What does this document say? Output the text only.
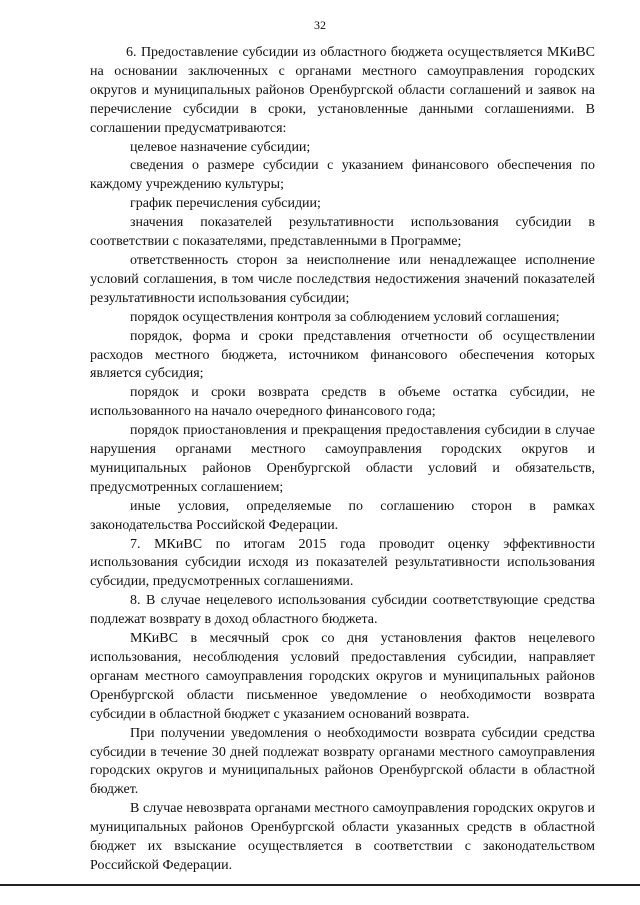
32

6. Предоставление субсидии из областного бюджета осуществляется МКиВС на основании заключенных с органами местного самоуправления городских округов и муниципальных районов Оренбургской области соглашений и заявок на перечисление субсидии в сроки, установленные данными соглашениями. В соглашении предусматриваются:

целевое назначение субсидии;

сведения о размере субсидии с указанием финансового обеспечения по каждому учреждению культуры;

график перечисления субсидии;

значения показателей результативности использования субсидии в соответствии с показателями, представленными в Программе;

ответственность сторон за неисполнение или ненадлежащее исполнение условий соглашения, в том числе последствия недостижения значений показателей результативности использования субсидии;

порядок осуществления контроля за соблюдением условий соглашения;

порядок, форма и сроки представления отчетности об осуществлении расходов местного бюджета, источником финансового обеспечения которых является субсидия;

порядок и сроки возврата средств в объеме остатка субсидии, не использованного на начало очередного финансового года;

порядок приостановления и прекращения предоставления субсидии в случае нарушения органами местного самоуправления городских округов и муниципальных районов Оренбургской области условий и обязательств, предусмотренных соглашением;

иные условия, определяемые по соглашению сторон в рамках законодательства Российской Федерации.

7. МКиВС по итогам 2015 года проводит оценку эффективности использования субсидии исходя из показателей результативности использования субсидии, предусмотренных соглашениями.

8. В случае нецелевого использования субсидии соответствующие средства подлежат возврату в доход областного бюджета.

МКиВС в месячный срок со дня установления фактов нецелевого использования, несоблюдения условий предоставления субсидии, направляет органам местного самоуправления городских округов и муниципальных районов Оренбургской области письменное уведомление о необходимости возврата субсидии в областной бюджет с указанием оснований возврата.

При получении уведомления о необходимости возврата субсидии средства субсидии в течение 30 дней подлежат возврату органами местного самоуправления городских округов и муниципальных районов Оренбургской области в областной бюджет.

В случае невозврата органами местного самоуправления городских округов и муниципальных районов Оренбургской области указанных средств в областной бюджет их взыскание осуществляется в соответствии с законодательством Российской Федерации.
